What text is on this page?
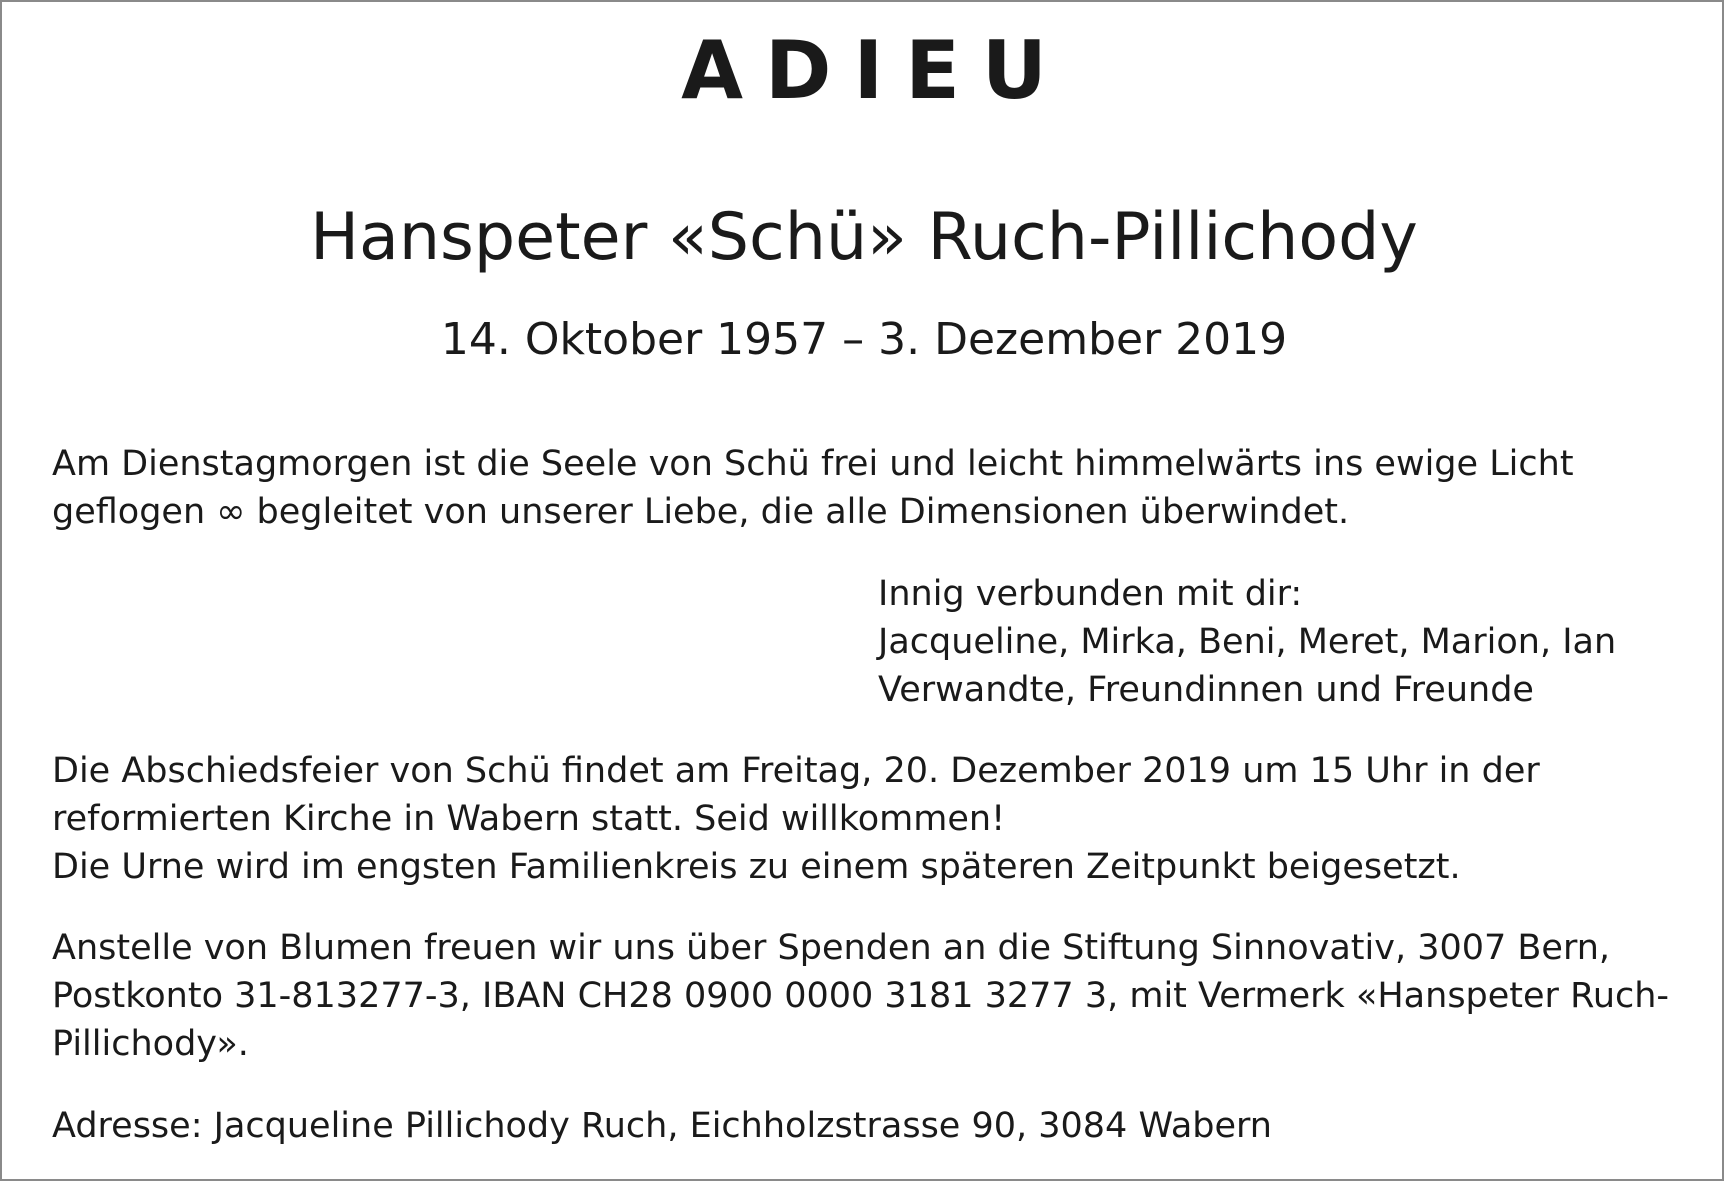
ADIEU
Hanspeter «Schü» Ruch-Pillichody
14. Oktober 1957 – 3. Dezember 2019
Am Dienstagmorgen ist die Seele von Schü frei und leicht himmelwärts ins ewige Licht
geflogen ∞ begleitet von unserer Liebe, die alle Dimensionen überwindet.
Innig verbunden mit dir:
Jacqueline, Mirka, Beni, Meret, Marion, Ian
Verwandte, Freundinnen und Freunde
Die Abschiedsfeier von Schü findet am Freitag, 20. Dezember 2019 um 15 Uhr in der
reformierten Kirche in Wabern statt. Seid willkommen!
Die Urne wird im engsten Familienkreis zu einem späteren Zeitpunkt beigesetzt.
Anstelle von Blumen freuen wir uns über Spenden an die Stiftung Sinnovativ, 3007 Bern,
Postkonto 31-813277-3, IBAN CH28 0900 0000 3181 3277 3, mit Vermerk «Hanspeter Ruch-
Pillichody».
Adresse: Jacqueline Pillichody Ruch, Eichholzstrasse 90, 3084 Wabern
